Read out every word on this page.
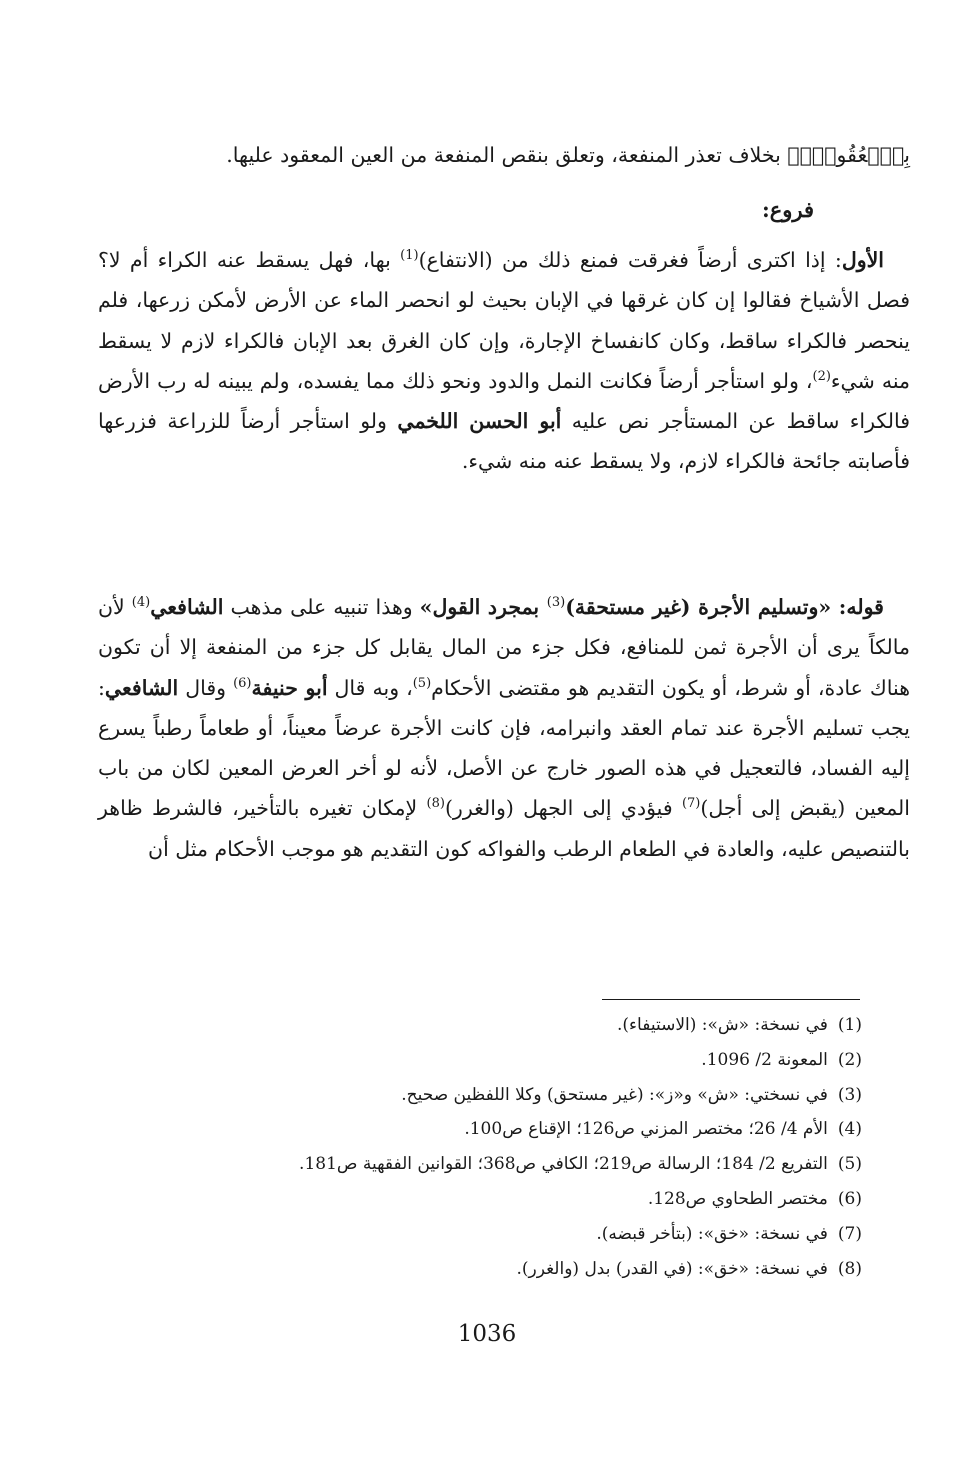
بِٱلۡعُقُودِۚ﴾ بخلاف تعذر المنفعة، وتعلق بنقص المنفعة من العين المعقود عليها.

فروع:

الأول: إذا اكترى أرضاً فغرقت فمنع ذلك من (الانتفاع)$^{(1)}$ بها، فهل يسقط عنه الكراء أم لا؟ فصل الأشياخ فقالوا إن كان غرقها في الإبان بحيث لو انحصر الماء عن الأرض لأمكن زرعها، فلم ينحصر فالكراء ساقط، وكان كانفساخ الإجارة، وإن كان الغرق بعد الإبان فالكراء لازم لا يسقط منه شيء$^{(2)}$، ولو استأجر أرضاً فكانت النمل والدود ونحو ذلك مما يفسده، ولم يبينه له رب الأرض فالكراء ساقط عن المستأجر نص عليه أبو الحسن اللخمي ولو استأجر أرضاً للزراعة فزرعها فأصابته جائحة فالكراء لازم، ولا يسقط عنه منه شيء.

قوله: «وتسليم الأجرة (غير مستحقة)$^{(3)}$ بمجرد القول» وهذا تنبيه على مذهب الشافعي$^{(4)}$ لأن مالكاً يرى أن الأجرة ثمن للمنافع، فكل جزء من المال يقابل كل جزء من المنفعة إلا أن تكون هناك عادة، أو شرط، أو يكون التقديم هو مقتضى الأحكام$^{(5)}$، وبه قال أبو حنيفة$^{(6)}$ وقال الشافعي: يجب تسليم الأجرة عند تمام العقد وانبرامه، فإن كانت الأجرة عرضاً معيناً، أو طعاماً رطباً يسرع إليه الفساد، فالتعجيل في هذه الصور خارج عن الأصل، لأنه لو أخر العرض المعين لكان من باب المعين (يقبض إلى أجل)$^{(7)}$ فيؤدي إلى الجهل (والغرر)$^{(8)}$ لإمكان تغيره بالتأخير، فالشرط ظاهر بالتنصيص عليه، والعادة في الطعام الرطب والفواكه كون التقديم هو موجب الأحكام مثل أن

(1)في نسخة: «ش»: (الاستيفاء).
(2)المعونة 2/ 1096.
(3)في نسختي: «ش» و«ز»: (غير مستحق) وكلا اللفظين صحيح.
(4)الأم 4/ 26؛ مختصر المزني ص126؛ الإقناع ص100.
(5)التفريع 2/ 184؛ الرسالة ص219؛ الكافي ص368؛ القوانين الفقهية ص181.
(6)مختصر الطحاوي ص128.
(7)في نسخة: «خق»: (بتأخر قبضه).
(8)في نسخة: «خق»: (في القدر) بدل (والغرر).
1036
